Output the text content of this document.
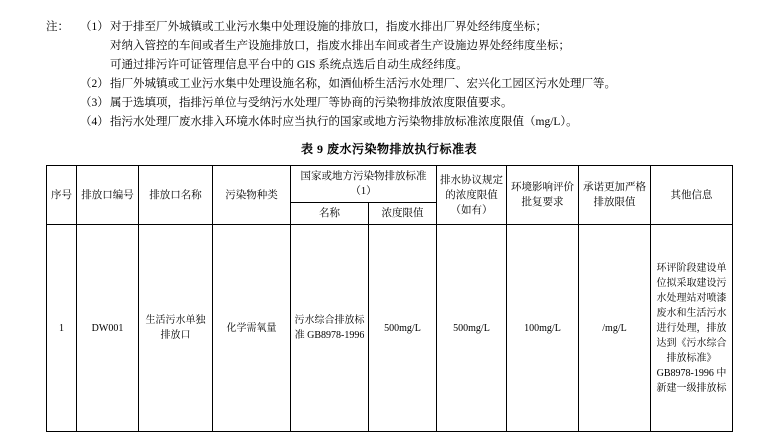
注： （1） 对于排至厂外城镇或工业污水集中处理设施的排放口，指废水排出厂界处经纬度坐标；
对纳入管控的车间或者生产设施排放口，指废水排出车间或者生产设施边界处经纬度坐标；
可通过排污许可证管理信息平台中的 GIS 系统点选后自动生成经纬度。
（2） 指厂外城镇或工业污水集中处理设施名称，如酒仙桥生活污水处理厂、宏兴化工园区污水处理厂等。
（3） 属于选填项，指排污单位与受纳污水处理厂等协商的污染物排放浓度限值要求。
（4） 指污水处理厂废水排入环境水体时应当执行的国家或地方污染物排放标准浓度限值（mg/L）。
表 9 废水污染物排放执行标准表
序号	排放口编号	排放口名称	污染物种类	国家或地方污染物排放标准（1）		排水协议规定的浓度限值（如有）	环境影响评价批复要求	承诺更加严格排放限值	其他信息
				名称	浓度限值				
1	DW001	生活污水单独排放口	化学需氧量	污水综合排放标准 GB8978-1996	500mg/L	500mg/L	100mg/L	/mg/L	环评阶段建设单位拟采取建设污水处理站对喷漆废水和生活污水进行处理，排放达到《污水综合排放标准》GB8978-1996 中新建一级排放标
